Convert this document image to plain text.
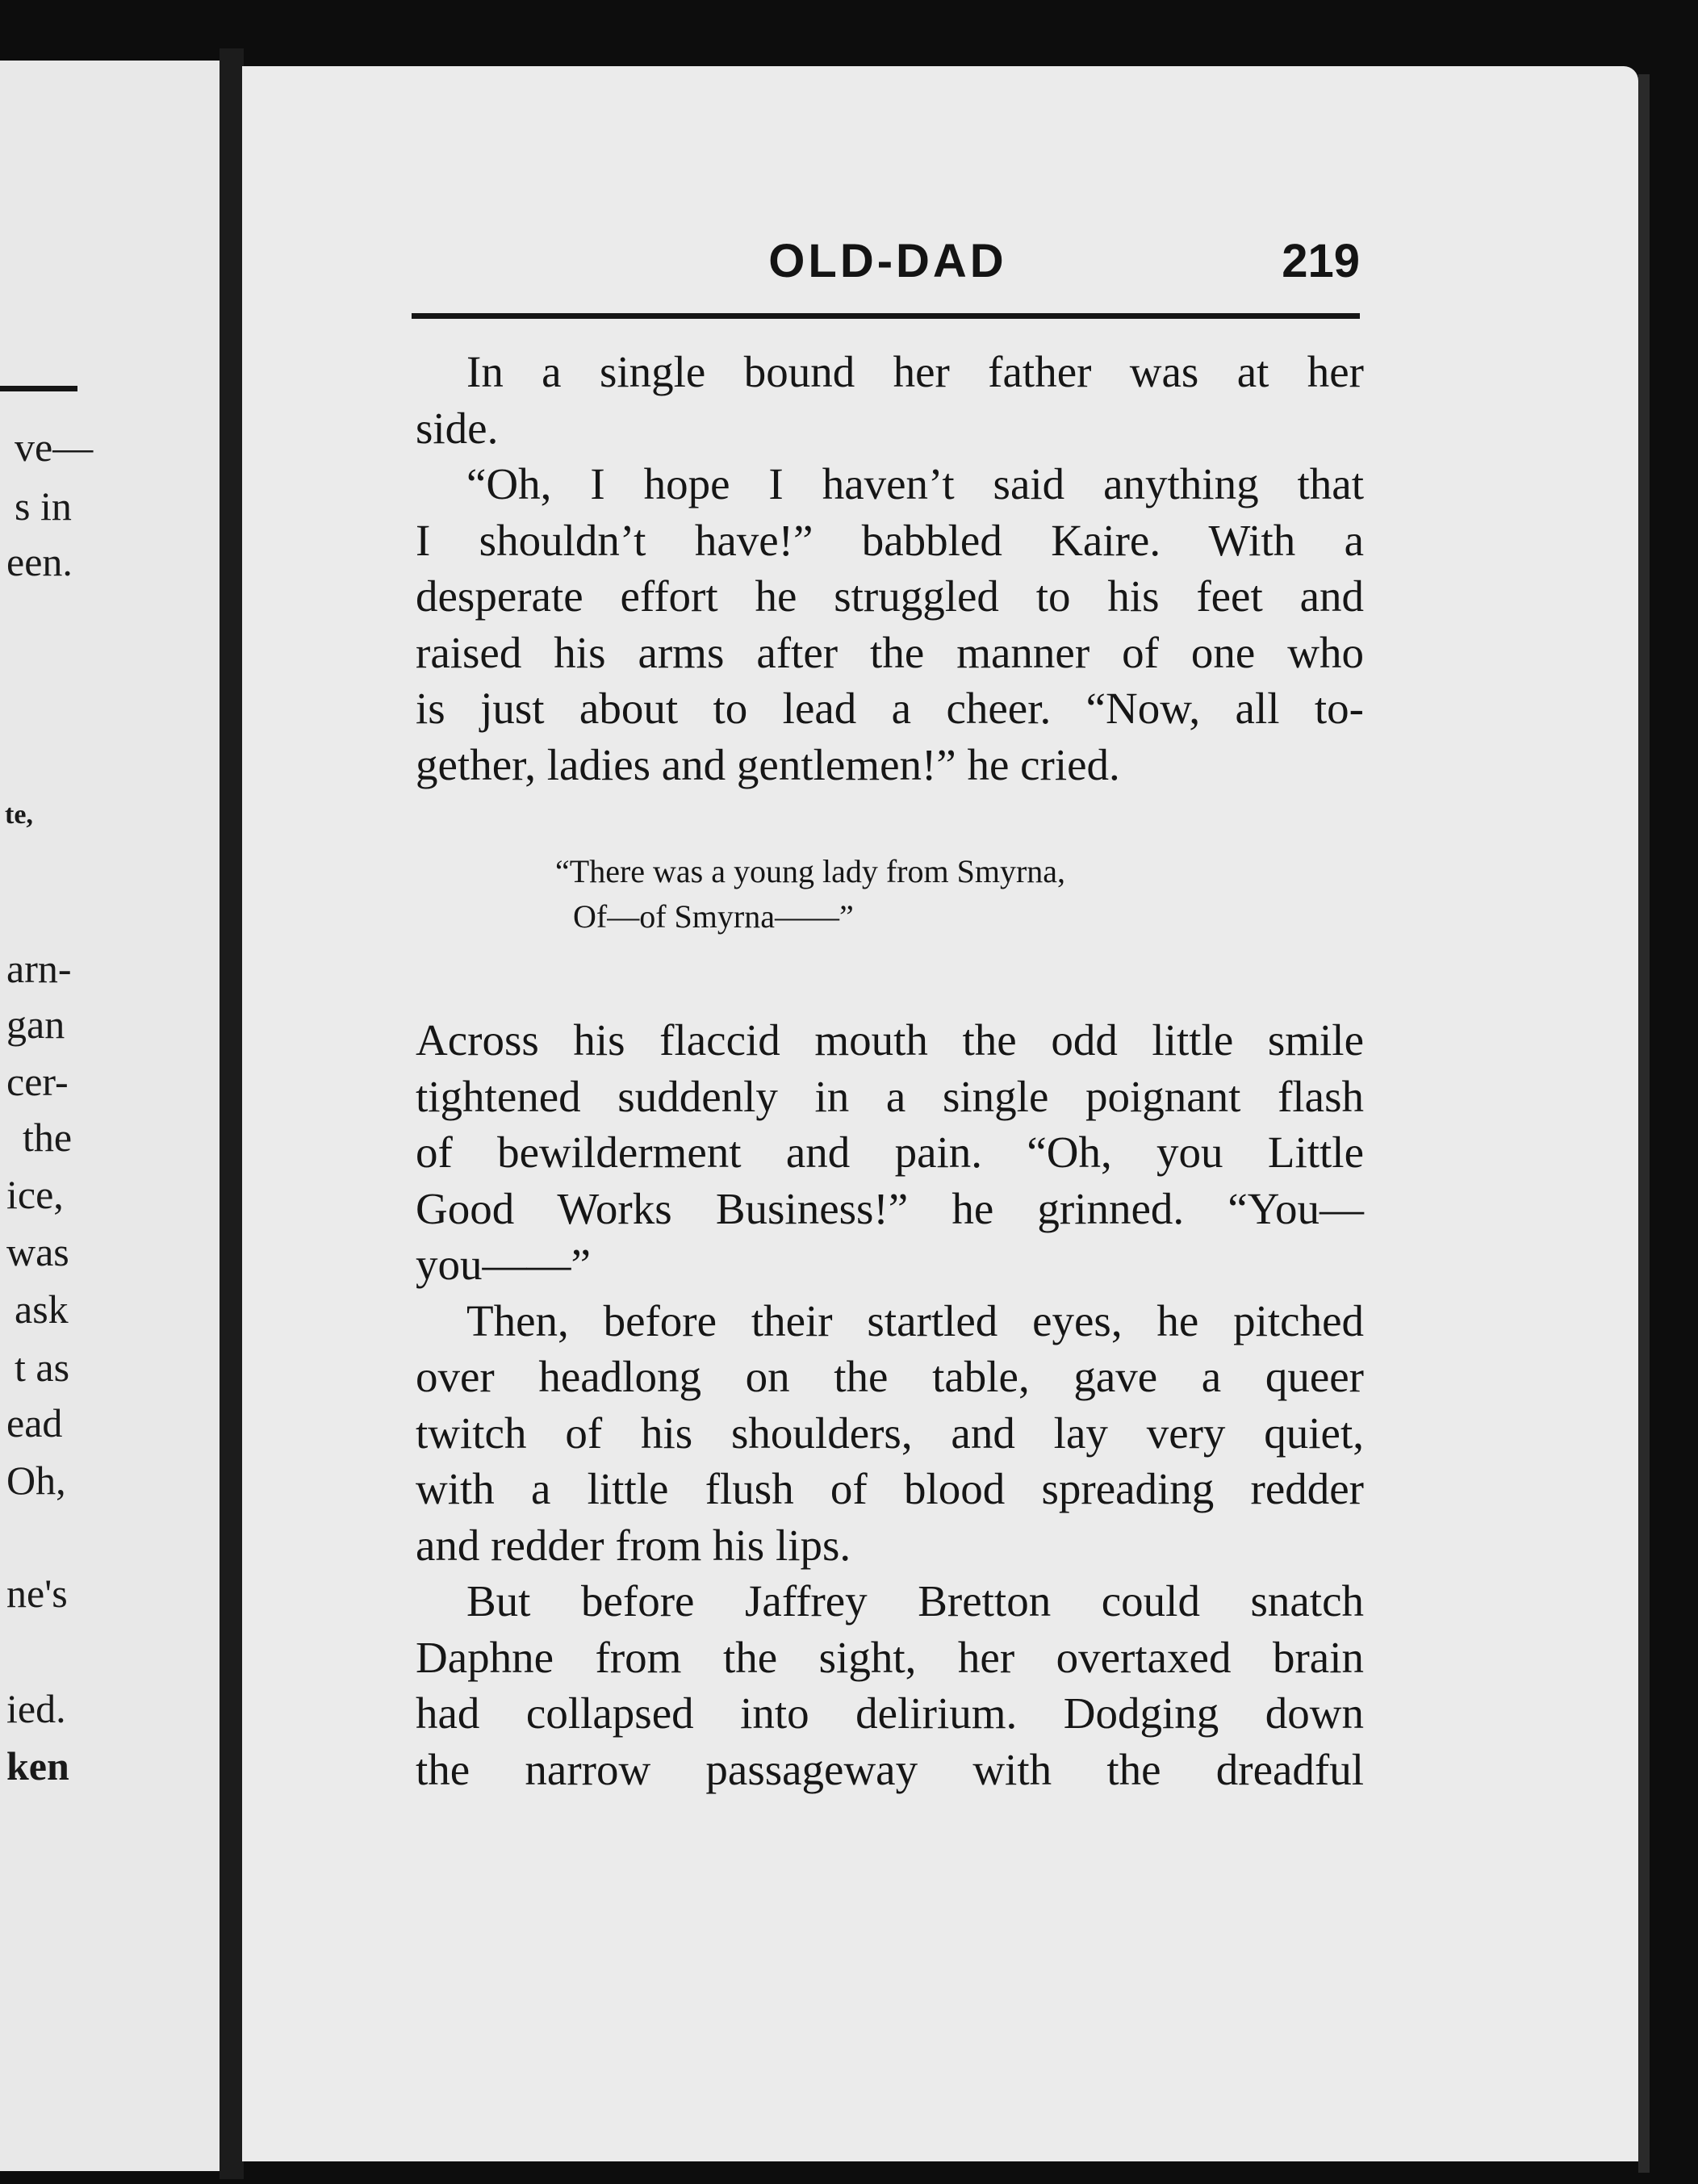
ve—
s in
een.
te,
arn-
gan
cer-
the
ice,
was
ask
t as
ead
Oh,
ne's
ied.
ken
OLD-DAD	219

In a single bound her father was at her

side.

“Oh, I hope I haven’t said anything that

I shouldn’t have!” babbled Kaire. With a

desperate effort he struggled to his feet and

raised his arms after the manner of one who

is just about to lead a cheer. “Now, all to-

gether, ladies and gentlemen!” he cried.

“There was a young lady from Smyrna,
Of—of Smyrna——”

Across his flaccid mouth the odd little smile

tightened suddenly in a single poignant flash

of bewilderment and pain. “Oh, you Little

Good Works Business!” he grinned. “You—

you——”

Then, before their startled eyes, he pitched

over headlong on the table, gave a queer

twitch of his shoulders, and lay very quiet,

with a little flush of blood spreading redder

and redder from his lips.

But before Jaffrey Bretton could snatch

Daphne from the sight, her overtaxed brain

had collapsed into delirium. Dodging down

the narrow passageway with the dreadful
